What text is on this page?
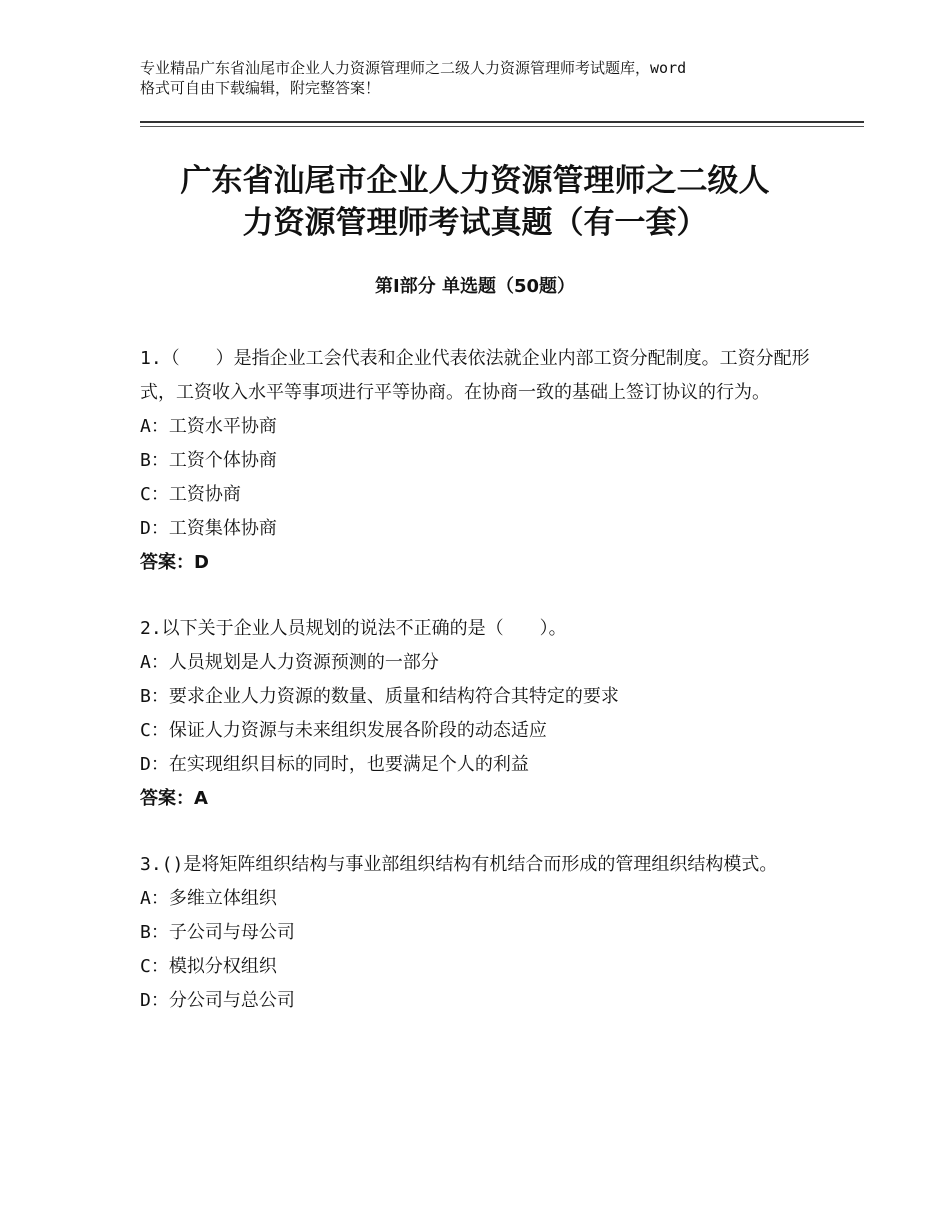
专业精品广东省汕尾市企业人力资源管理师之二级人力资源管理师考试题库，word
格式可自由下载编辑，附完整答案！
广东省汕尾市企业人力资源管理师之二级人
力资源管理师考试真题（有一套）
第Ⅰ部分 单选题（50题）

1.（　　）是指企业工会代表和企业代表依法就企业内部工资分配制度。工资分配形式，工资收入水平等事项进行平等协商。在协商一致的基础上签订协议的行为。

A：工资水平协商

B：工资个体协商

C：工资协商

D：工资集体协商

答案：D

2.以下关于企业人员规划的说法不正确的是（　　）。

A：人员规划是人力资源预测的一部分

B：要求企业人力资源的数量、质量和结构符合其特定的要求

C：保证人力资源与未来组织发展各阶段的动态适应

D：在实现组织目标的同时，也要满足个人的利益

答案：A

3.()是将矩阵组织结构与事业部组织结构有机结合而形成的管理组织结构模式。

A：多维立体组织

B：子公司与母公司

C：模拟分权组织

D：分公司与总公司
